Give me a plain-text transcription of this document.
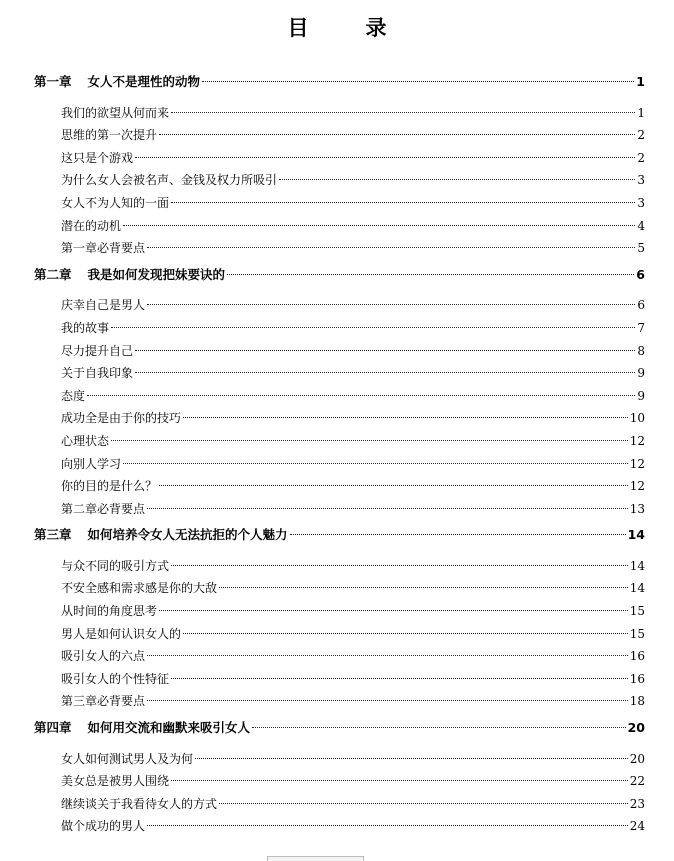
目　录
第一章 女人不是理性的动物	1
我们的欲望从何而来	1
思维的第一次提升	2
这只是个游戏	2
为什么女人会被名声、金钱及权力所吸引	3
女人不为人知的一面	3
潜在的动机	4
第一章必背要点	5
第二章 我是如何发现把妹要诀的	6
庆幸自己是男人	6
我的故事	7
尽力提升自己	8
关于自我印象	9
态度	9
成功全是由于你的技巧	10
心理状态	12
向别人学习	12
你的目的是什么？	12
第二章必背要点	13
第三章 如何培养令女人无法抗拒的个人魅力	14
与众不同的吸引方式	14
不安全感和需求感是你的大敌	14
从时间的角度思考	15
男人是如何认识女人的	15
吸引女人的六点	16
吸引女人的个性特征	16
第三章必背要点	18
第四章 如何用交流和幽默来吸引女人	20
女人如何测试男人及为何	20
美女总是被男人围绕	22
继续谈关于我看待女人的方式	23
做个成功的男人	24
